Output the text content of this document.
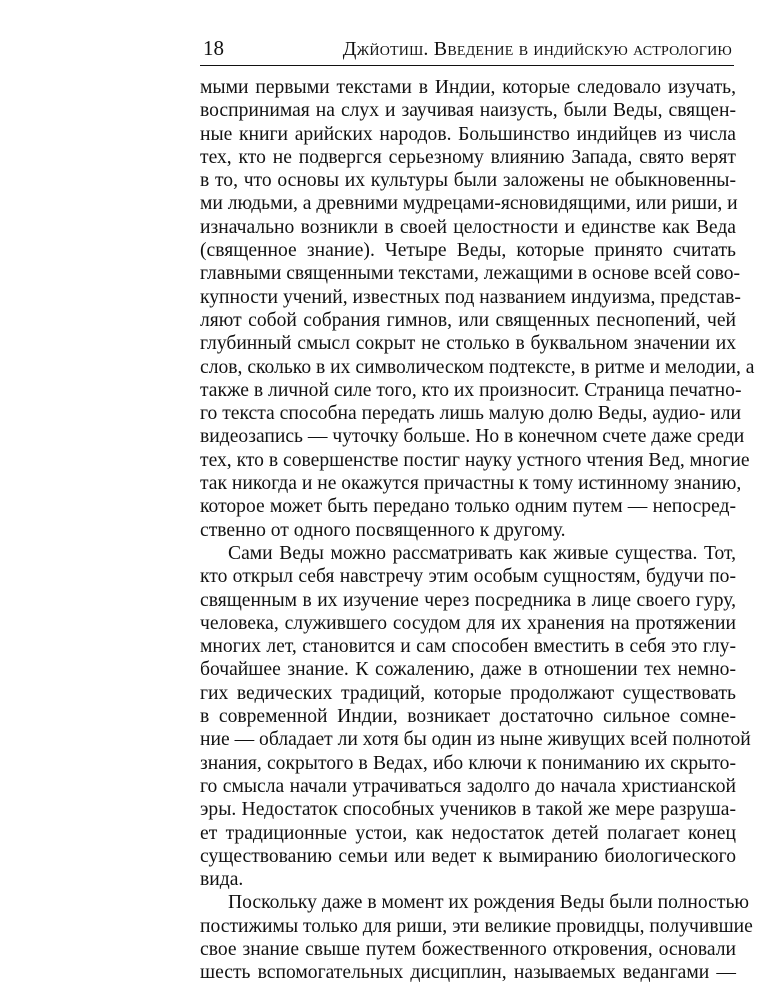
18	Джйотиш. Введение в индийскую астрологию
мыми первыми текстами в Индии, которые следовало изучать,
воспринимая на слух и заучивая наизусть, были Веды, священ-
ные книги арийских народов. Большинство индийцев из числа
тех, кто не подвергся серьезному влиянию Запада, свято верят
в то, что основы их культуры были заложены не обыкновенны-
ми людьми, а древними мудрецами-ясновидящими, или риши, и
изначально возникли в своей целостности и единстве как Веда
(священное знание). Четыре Веды, которые принято считать
главными священными текстами, лежащими в основе всей сово-
купности учений, известных под названием индуизма, представ-
ляют собой собрания гимнов, или священных песнопений, чей
глубинный смысл сокрыт не столько в буквальном значении их
слов, сколько в их символическом подтексте, в ритме и мелодии, а
также в личной силе того, кто их произносит. Страница печатно-
го текста способна передать лишь малую долю Веды, аудио- или
видеозапись — чуточку больше. Но в конечном счете даже среди
тех, кто в совершенстве постиг науку устного чтения Вед, многие
так никогда и не окажутся причастны к тому истинному знанию,
которое может быть передано только одним путем — непосред-
ственно от одного посвященного к другому.
Сами Веды можно рассматривать как живые существа. Тот,
кто открыл себя навстречу этим особым сущностям, будучи по-
священным в их изучение через посредника в лице своего гуру,
человека, служившего сосудом для их хранения на протяжении
многих лет, становится и сам способен вместить в себя это глу-
бочайшее знание. К сожалению, даже в отношении тех немно-
гих ведических традиций, которые продолжают существовать
в современной Индии, возникает достаточно сильное сомне-
ние — обладает ли хотя бы один из ныне живущих всей полнотой
знания, сокрытого в Ведах, ибо ключи к пониманию их скрыто-
го смысла начали утрачиваться задолго до начала христианской
эры. Недостаток способных учеников в такой же мере разруша-
ет традиционные устои, как недостаток детей полагает конец
существованию семьи или ведет к вымиранию биологического
вида.
Поскольку даже в момент их рождения Веды были полностью
постижимы только для риши, эти великие провидцы, получившие
свое знание свыше путем божественного откровения, основали
шесть вспомогательных дисциплин, называемых ведангами —
